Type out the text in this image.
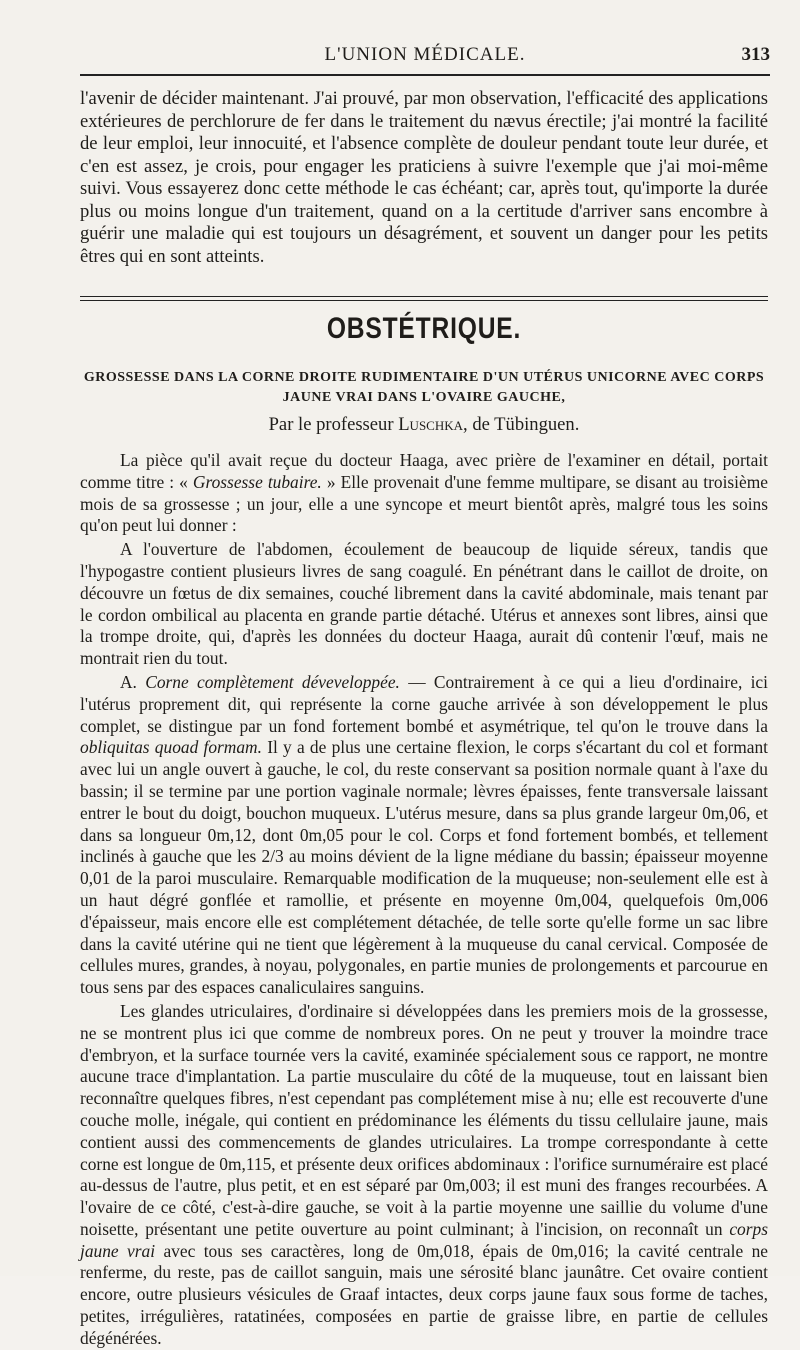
L'UNION MÉDICALE.	313
l'avenir de décider maintenant. J'ai prouvé, par mon observation, l'efficacité des applications extérieures de perchlorure de fer dans le traitement du nævus érectile; j'ai montré la facilité de leur emploi, leur innocuité, et l'absence complète de douleur pendant toute leur durée, et c'en est assez, je crois, pour engager les praticiens à suivre l'exemple que j'ai moi-même suivi. Vous essayerez donc cette méthode le cas échéant; car, après tout, qu'importe la durée plus ou moins longue d'un traitement, quand on a la certitude d'arriver sans encombre à guérir une maladie qui est toujours un désagrément, et souvent un danger pour les petits êtres qui en sont atteints.
OBSTÉTRIQUE.
GROSSESSE DANS LA CORNE DROITE RUDIMENTAIRE D'UN UTÉRUS UNICORNE AVEC CORPS JAUNE VRAI DANS L'OVAIRE GAUCHE,
Par le professeur Luschka, de Tübinguen.

La pièce qu'il avait reçue du docteur Haaga, avec prière de l'examiner en détail, portait comme titre : « Grossesse tubaire. » Elle provenait d'une femme multipare, se disant au troisième mois de sa grossesse ; un jour, elle a une syncope et meurt bientôt après, malgré tous les soins qu'on peut lui donner :

A l'ouverture de l'abdomen, écoulement de beaucoup de liquide séreux, tandis que l'hypogastre contient plusieurs livres de sang coagulé. En pénétrant dans le caillot de droite, on découvre un fœtus de dix semaines, couché librement dans la cavité abdominale, mais tenant par le cordon ombilical au placenta en grande partie détaché. Utérus et annexes sont libres, ainsi que la trompe droite, qui, d'après les données du docteur Haaga, aurait dû contenir l'œuf, mais ne montrait rien du tout.

A. Corne complètement déveveloppée. — Contrairement à ce qui a lieu d'ordinaire, ici l'utérus proprement dit, qui représente la corne gauche arrivée à son développement le plus complet, se distingue par un fond fortement bombé et asymétrique, tel qu'on le trouve dans la obliquitas quoad formam. Il y a de plus une certaine flexion, le corps s'écartant du col et formant avec lui un angle ouvert à gauche, le col, du reste conservant sa position normale quant à l'axe du bassin; il se termine par une portion vaginale normale; lèvres épaisses, fente transversale laissant entrer le bout du doigt, bouchon muqueux. L'utérus mesure, dans sa plus grande largeur 0m,06, et dans sa longueur 0m,12, dont 0m,05 pour le col. Corps et fond fortement bombés, et tellement inclinés à gauche que les 2/3 au moins dévient de la ligne médiane du bassin; épaisseur moyenne 0,01 de la paroi musculaire. Remarquable modification de la muqueuse; non-seulement elle est à un haut dégré gonflée et ramollie, et présente en moyenne 0m,004, quelquefois 0m,006 d'épaisseur, mais encore elle est complétement détachée, de telle sorte qu'elle forme un sac libre dans la cavité utérine qui ne tient que légèrement à la muqueuse du canal cervical. Composée de cellules mures, grandes, à noyau, polygonales, en partie munies de prolongements et parcourue en tous sens par des espaces canaliculaires sanguins.

Les glandes utriculaires, d'ordinaire si développées dans les premiers mois de la grossesse, ne se montrent plus ici que comme de nombreux pores. On ne peut y trouver la moindre trace d'embryon, et la surface tournée vers la cavité, examinée spécialement sous ce rapport, ne montre aucune trace d'implantation. La partie musculaire du côté de la muqueuse, tout en laissant bien reconnaître quelques fibres, n'est cependant pas complétement mise à nu; elle est recouverte d'une couche molle, inégale, qui contient en prédominance les éléments du tissu cellulaire jaune, mais contient aussi des commencements de glandes utriculaires. La trompe correspondante à cette corne est longue de 0m,115, et présente deux orifices abdominaux : l'orifice surnuméraire est placé au-dessus de l'autre, plus petit, et en est séparé par 0m,003; il est muni des franges recourbées. A l'ovaire de ce côté, c'est-à-dire gauche, se voit à la partie moyenne une saillie du volume d'une noisette, présentant une petite ouverture au point culminant; à l'incision, on reconnaît un corps jaune vrai avec tous ses caractères, long de 0m,018, épais de 0m,016; la cavité centrale ne renferme, du reste, pas de caillot sanguin, mais une sérosité blanc jaunâtre. Cet ovaire contient encore, outre plusieurs vésicules de Graaf intactes, deux corps jaune faux sous forme de taches, petites, irrégulières, ratatinées, composées en partie de graisse libre, en partie de cellules dégénérées.
